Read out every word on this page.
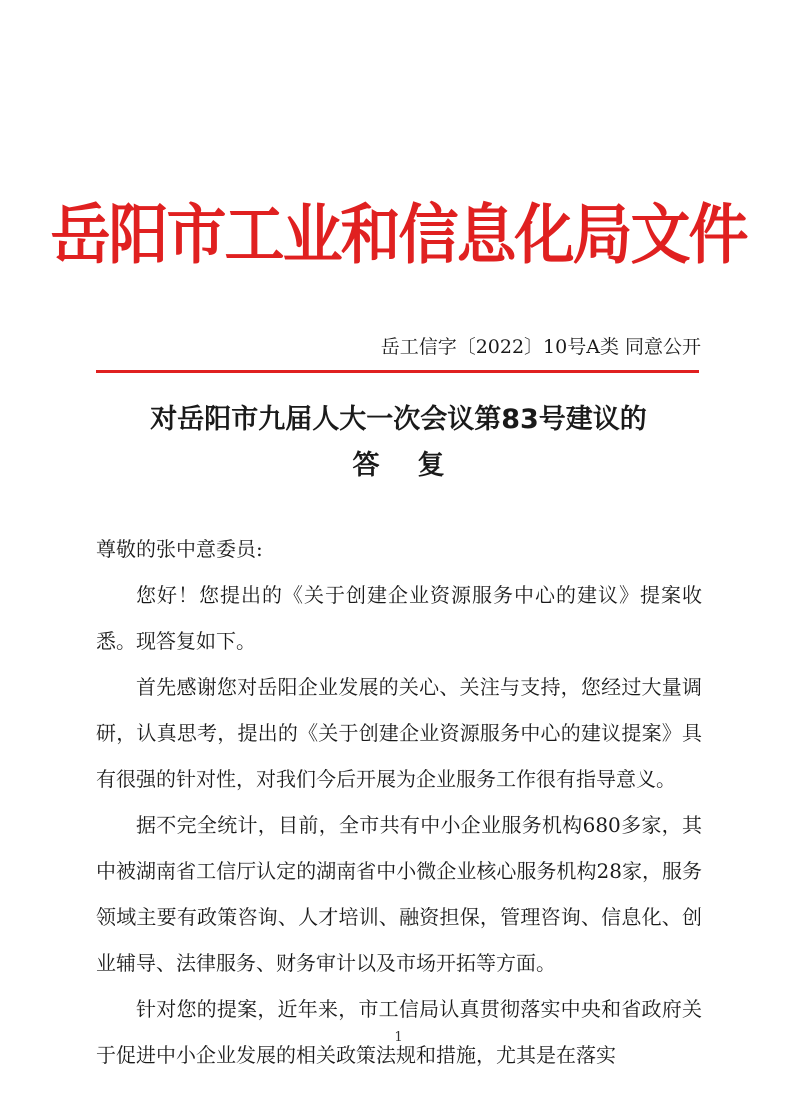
岳阳市工业和信息化局文件
岳工信字〔2022〕10号A类 同意公开
对岳阳市九届人大一次会议第83号建议的
答复

尊敬的张中意委员:

您好！您提出的《关于创建企业资源服务中心的建议》提案收悉。现答复如下。

首先感谢您对岳阳企业发展的关心、关注与支持，您经过大量调研，认真思考，提出的《关于创建企业资源服务中心的建议提案》具有很强的针对性，对我们今后开展为企业服务工作很有指导意义。

据不完全统计，目前，全市共有中小企业服务机构680多家，其中被湖南省工信厅认定的湖南省中小微企业核心服务机构28家，服务领域主要有政策咨询、人才培训、融资担保，管理咨询、信息化、创业辅导、法律服务、财务审计以及市场开拓等方面。

针对您的提案，近年来，市工信局认真贯彻落实中央和省政府关于促进中小企业发展的相关政策法规和措施，尤其是在落实

1
